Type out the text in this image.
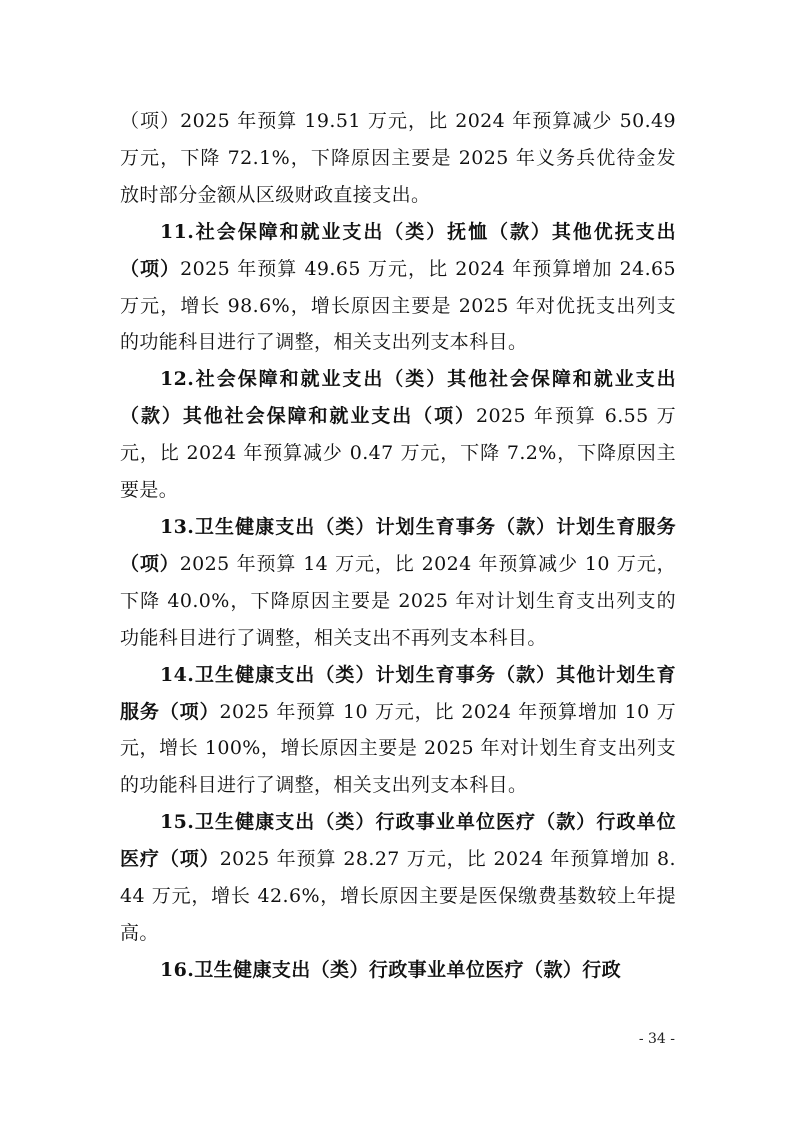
（项）2025 年预算 19.51 万元，比 2024 年预算减少 50.49 万元，下降 72.1%，下降原因主要是 2025 年义务兵优待金发放时部分金额从区级财政直接支出。

11.社会保障和就业支出（类）抚恤（款）其他优抚支出（项）2025 年预算 49.65 万元，比 2024 年预算增加 24.65 万元，增长 98.6%，增长原因主要是 2025 年对优抚支出列支的功能科目进行了调整，相关支出列支本科目。

12.社会保障和就业支出（类）其他社会保障和就业支出（款）其他社会保障和就业支出（项）2025 年预算 6.55 万元，比 2024 年预算减少 0.47 万元，下降 7.2%，下降原因主要是。

13.卫生健康支出（类）计划生育事务（款）计划生育服务（项）2025 年预算 14 万元，比 2024 年预算减少 10 万元，下降 40.0%，下降原因主要是 2025 年对计划生育支出列支的功能科目进行了调整，相关支出不再列支本科目。

14.卫生健康支出（类）计划生育事务（款）其他计划生育服务（项）2025 年预算 10 万元，比 2024 年预算增加 10 万元，增长 100%，增长原因主要是 2025 年对计划生育支出列支的功能科目进行了调整，相关支出列支本科目。

15.卫生健康支出（类）行政事业单位医疗（款）行政单位医疗（项）2025 年预算 28.27 万元，比 2024 年预算增加 8.44 万元，增长 42.6%，增长原因主要是医保缴费基数较上年提高。

16.卫生健康支出（类）行政事业单位医疗（款）行政

- 34 -
